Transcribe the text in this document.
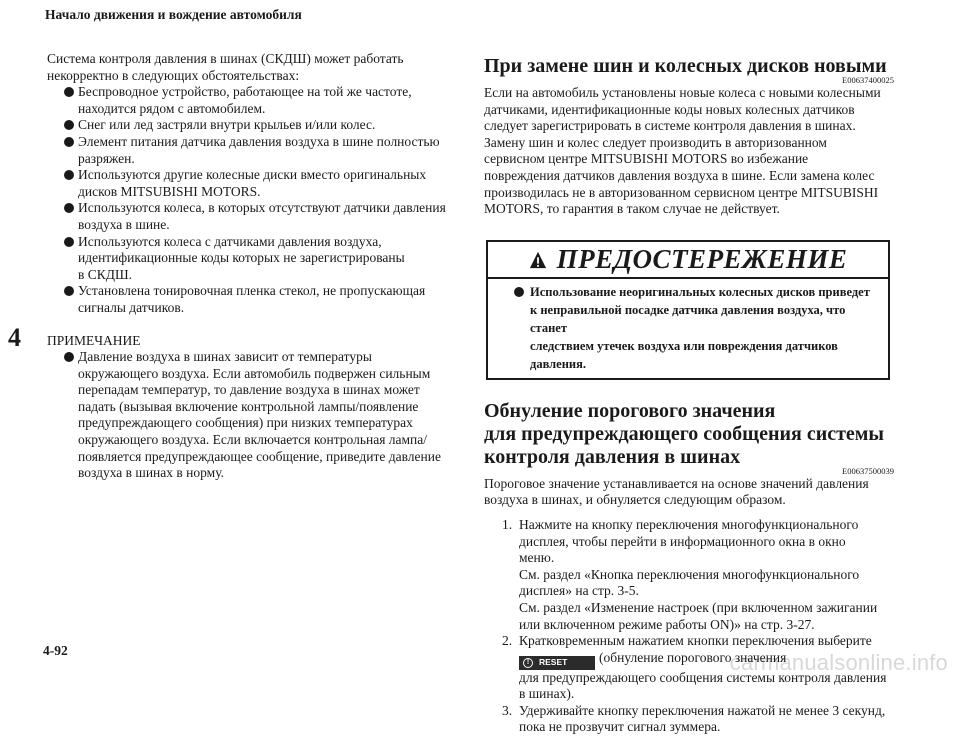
Начало движения и вождение автомобиля
4
4-92	carmanualsonline.info

Система контроля давления в шинах (СКДШ) может работать
некорректно в следующих обстоятельствах:

Беспроводное устройство, работающее на той же частоте,
находится рядом с автомобилем.
Снег или лед застряли внутри крыльев и/или колес.
Элемент питания датчика давления воздуха в шине полностью
разряжен.
Используются другие колесные диски вместо оригинальных
дисков MITSUBISHI MOTORS.
Используются колеса, в которых отсутствуют датчики давления
воздуха в шине.
Используются колеса с датчиками давления воздуха,
идентификационные коды которых не зарегистрированы
в СКДШ.
Установлена тонировочная пленка стекол, не пропускающая
сигналы датчиков.

ПРИМЕЧАНИЕ

Давление воздуха в шинах зависит от температуры
окружающего воздуха. Если автомобиль подвержен сильным
перепадам температур, то давление воздуха в шинах может
падать (вызывая включение контрольной лампы/появление
предупреждающего сообщения) при низких температурах
окружающего воздуха. Если включается контрольная лампа/
появляется предупреждающее сообщение, приведите давление
воздуха в шинах в норму.
При замене шин и колесных дисков новыми
E00637400025

Если на автомобиль установлены новые колеса с новыми колесными
датчиками, идентификационные коды новых колесных датчиков
следует зарегистрировать в системе контроля давления в шинах.
Замену шин и колес следует производить в авторизованном
сервисном центре MITSUBISHI MOTORS во избежание
повреждения датчиков давления воздуха в шине. Если замена колес
производилась не в авторизованном сервисном центре MITSUBISHI
MOTORS, то гарантия в таком случае не действует.

ПРЕДОСТЕРЕЖЕНИЕ
Использование неоригинальных колесных дисков приведет
к неправильной посадке датчика давления воздуха, что станет
следствием утечек воздуха или повреждения датчиков давления.
Обнуление порогового значения
для предупреждающего сообщения системы
контроля давления в шинах
E00637500039

Пороговое значение устанавливается на основе значений давления
воздуха в шинах, и обнуляется следующим образом.

1. Нажмите на кнопку переключения многофункционального
дисплея, чтобы перейти в информационного окна в окно
меню.
См. раздел «Кнопка переключения многофункционального
дисплея» на стр. 3-5.
См. раздел «Изменение настроек (при включенном зажигании
или включенном режиме работы ON)» на стр. 3-27.
2. Кратковременным нажатием кнопки переключения выберите

!	RESET (обнуление порогового значения
для предупреждающего сообщения системы контроля давления
в шинах).
3. Удерживайте кнопку переключения нажатой не менее 3 секунд,
пока не прозвучит сигнал зуммера.
